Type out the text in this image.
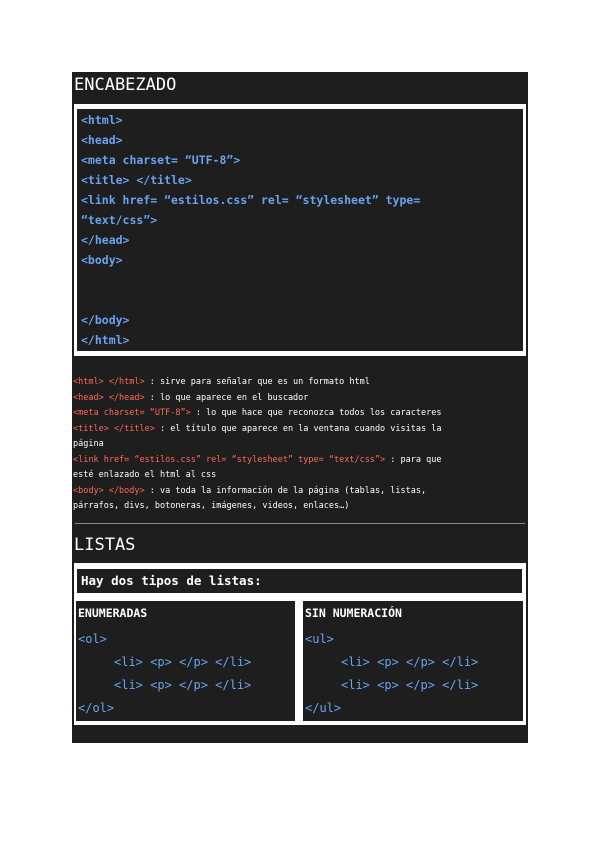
ENCABEZADO
<html>
<head>
<meta charset= “UTF-8”>
<title> </title>
<link href= “estilos.css” rel= “stylesheet” type=
“text/css”>
</head>
<body>
</body>
</html>
<html> </html> : sirve para señalar que es un formato html
<head> </head> : lo que aparece en el buscador
<meta charset= “UTF-8”> : lo que hace que reconozca todos los caracteres
<title> </title> : el título que aparece en la ventana cuando visitas la
página
<link href= “estilos.css” rel= “stylesheet” type= “text/css”> : para que
esté enlazado el html al css
<body> </body> : va toda la información de la página (tablas, listas,
párrafos, divs, botoneras, imágenes, videos, enlaces…)
LISTAS
Hay dos tipos de listas:
ENUMERADAS
<ol>
<li> <p> </p> </li>
<li> <p> </p> </li>
</ol>
SIN NUMERACIÓN
<ul>
<li> <p> </p> </li>
<li> <p> </p> </li>
</ul>
